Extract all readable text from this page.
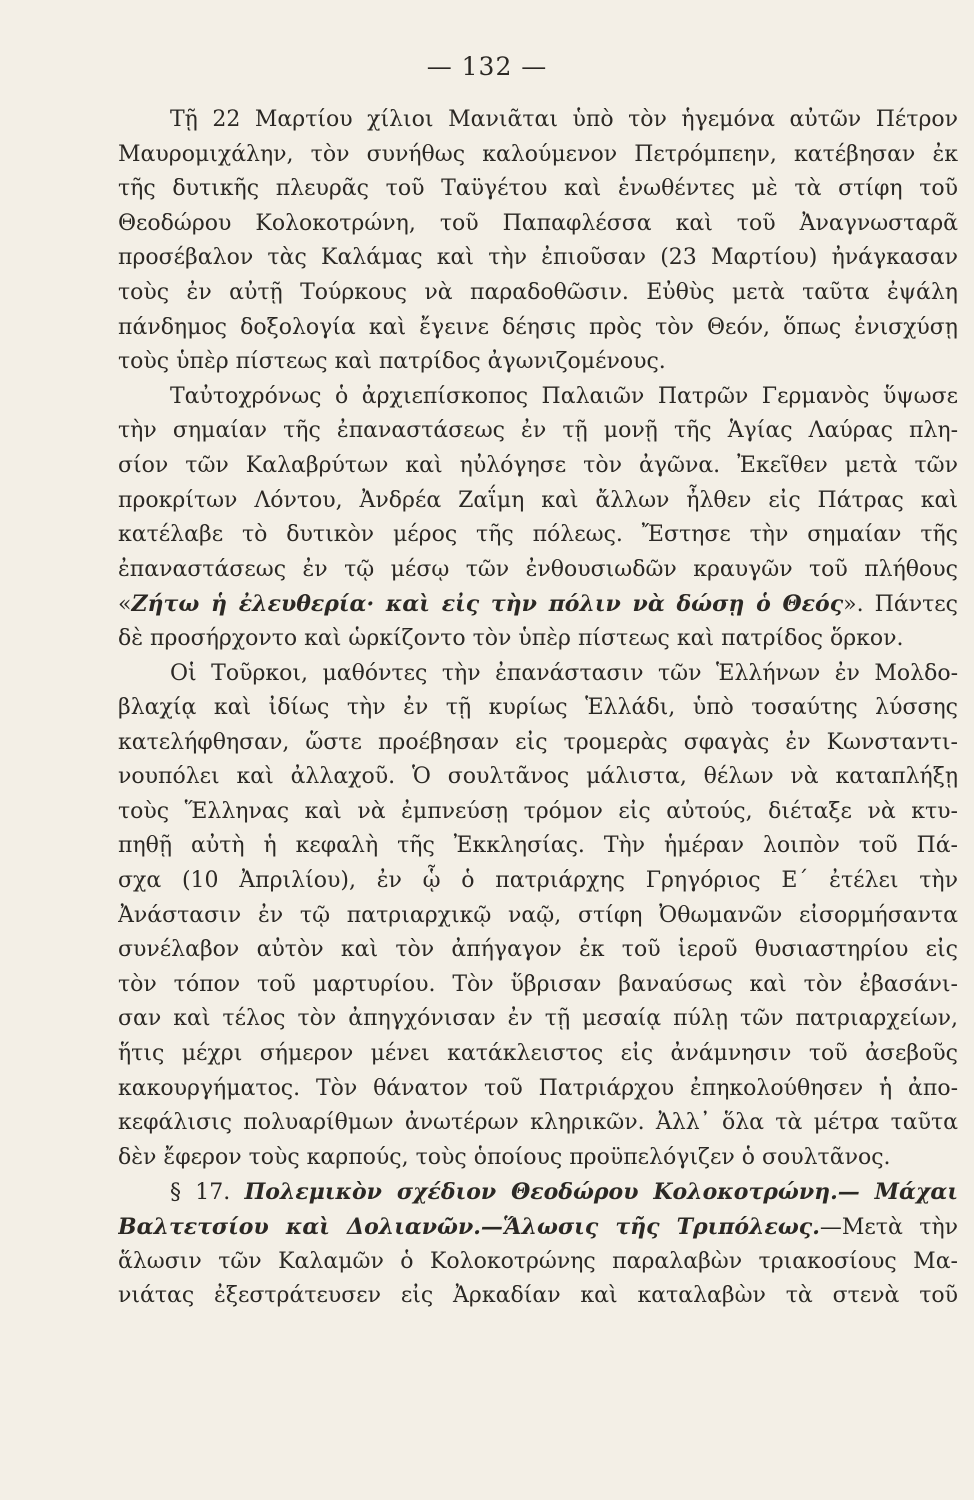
— 132 —
Τῇ 22 Μαρτίου χίλιοι Μανιᾶται ὑπὸ τὸν ἡγεμόνα αὐτῶν Πέτρον
Μαυρομιχάλην, τὸν συνήθως καλούμενον Πετρόμπεην, κατέβησαν ἐκ
τῆς δυτικῆς πλευρᾶς τοῦ Ταϋγέτου καὶ ἑνωθέντες μὲ τὰ στίφη τοῦ
Θεοδώρου Κολοκοτρώνη, τοῦ Παπαφλέσσα καὶ τοῦ Ἀναγνωσταρᾶ
προσέβαλον τὰς Καλάμας καὶ τὴν ἐπιοῦσαν (23 Μαρτίου) ἠνάγκασαν
τοὺς ἐν αὐτῇ Τούρκους νὰ παραδοθῶσιν. Εὐθὺς μετὰ ταῦτα ἐψάλη
πάνδημος δοξολογία καὶ ἔγεινε δέησις πρὸς τὸν Θεόν, ὅπως ἐνισχύσῃ
τοὺς ὑπὲρ πίστεως καὶ πατρίδος ἀγωνιζομένους.
Ταὐτοχρόνως ὁ ἀρχιεπίσκοπος Παλαιῶν Πατρῶν Γερμανὸς ὕψωσε
τὴν σημαίαν τῆς ἐπαναστάσεως ἐν τῇ μονῇ τῆς Ἁγίας Λαύρας πλη-
σίον τῶν Καλαβρύτων καὶ ηὐλόγησε τὸν ἀγῶνα. Ἐκεῖθεν μετὰ τῶν
προκρίτων Λόντου, Ἀνδρέα Ζαΐμη καὶ ἄλλων ἦλθεν εἰς Πάτρας καὶ
κατέλαβε τὸ δυτικὸν μέρος τῆς πόλεως. Ἔστησε τὴν σημαίαν τῆς
ἐπαναστάσεως ἐν τῷ μέσῳ τῶν ἐνθουσιωδῶν κραυγῶν τοῦ πλήθους
«Ζήτω ἡ ἐλευθερία· καὶ εἰς τὴν πόλιν νὰ δώσῃ ὁ Θεός». Πάντες
δὲ προσήρχοντο καὶ ὡρκίζοντο τὸν ὑπὲρ πίστεως καὶ πατρίδος ὅρκον.
Οἱ Τοῦρκοι, μαθόντες τὴν ἐπανάστασιν τῶν Ἑλλήνων ἐν Μολδο-
βλαχίᾳ καὶ ἰδίως τὴν ἐν τῇ κυρίως Ἑλλάδι, ὑπὸ τοσαύτης λύσσης
κατελήφθησαν, ὥστε προέβησαν εἰς τρομερὰς σφαγὰς ἐν Κωνσταντι-
νουπόλει καὶ ἀλλαχοῦ. Ὁ σουλτᾶνος μάλιστα, θέλων νὰ καταπλήξῃ
τοὺς Ἕλληνας καὶ νὰ ἐμπνεύσῃ τρόμον εἰς αὐτούς, διέταξε νὰ κτυ-
πηθῇ αὐτὴ ἡ κεφαλὴ τῆς Ἐκκλησίας. Τὴν ἡμέραν λοιπὸν τοῦ Πά-
σχα (10 Ἀπριλίου), ἐν ᾧ ὁ πατριάρχης Γρηγόριος Ε΄ ἐτέλει τὴν
Ἀνάστασιν ἐν τῷ πατριαρχικῷ ναῷ, στίφη Ὀθωμανῶν εἰσορμήσαντα
συνέλαβον αὐτὸν καὶ τὸν ἀπήγαγον ἐκ τοῦ ἱεροῦ θυσιαστηρίου εἰς
τὸν τόπον τοῦ μαρτυρίου. Τὸν ὕβρισαν βαναύσως καὶ τὸν ἐβασάνι-
σαν καὶ τέλος τὸν ἀπηγχόνισαν ἐν τῇ μεσαίᾳ πύλῃ τῶν πατριαρχείων,
ἥτις μέχρι σήμερον μένει κατάκλειστος εἰς ἀνάμνησιν τοῦ ἀσεβοῦς
κακουργήματος. Τὸν θάνατον τοῦ Πατριάρχου ἐπηκολούθησεν ἡ ἀπο-
κεφάλισις πολυαρίθμων ἀνωτέρων κληρικῶν. Ἀλλ᾽ ὅλα τὰ μέτρα ταῦτα
δὲν ἔφερον τοὺς καρπούς, τοὺς ὁποίους προϋπελόγιζεν ὁ σουλτᾶνος.
§ 17. Πολεμικὸν σχέδιον Θεοδώρου Κολοκοτρώνη.— Μάχαι
Βαλτετσίου καὶ Δολιανῶν.—Ἅλωσις τῆς Τριπόλεως.—Μετὰ τὴν
ἅλωσιν τῶν Καλαμῶν ὁ Κολοκοτρώνης παραλαβὼν τριακοσίους Μα-
νιάτας ἐξεστράτευσεν εἰς Ἀρκαδίαν καὶ καταλαβὼν τὰ στενὰ τοῦ
